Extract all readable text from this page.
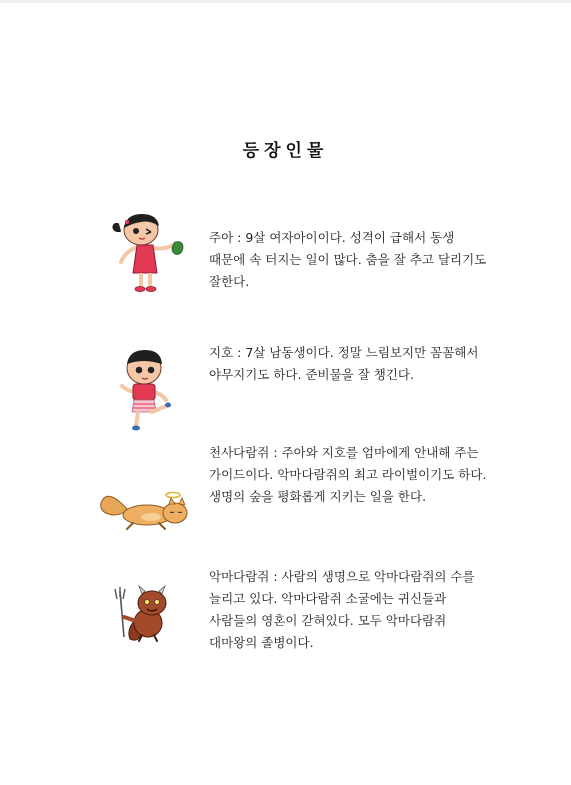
등장인물

주아 : 9살 여자아이이다. 성격이 급해서 동생 때문에 속 터지는 일이 많다. 춤을 잘 추고 달리기도 잘한다.

지호 : 7살 남동생이다. 정말 느림보지만 꼼꼼해서 야무지기도 하다. 준비물을 잘 챙긴다.

천사다람쥐 : 주아와 지호를 엄마에게 안내해 주는 가이드이다. 악마다람쥐의 최고 라이벌이기도 하다. 생명의 숲을 평화롭게 지키는 일을 한다.

악마다람쥐 : 사람의 생명으로 악마다람쥐의 수를 늘리고 있다. 악마다람쥐 소굴에는 귀신들과 사람들의 영혼이 갇혀있다. 모두 악마다람쥐 대마왕의 졸병이다.
